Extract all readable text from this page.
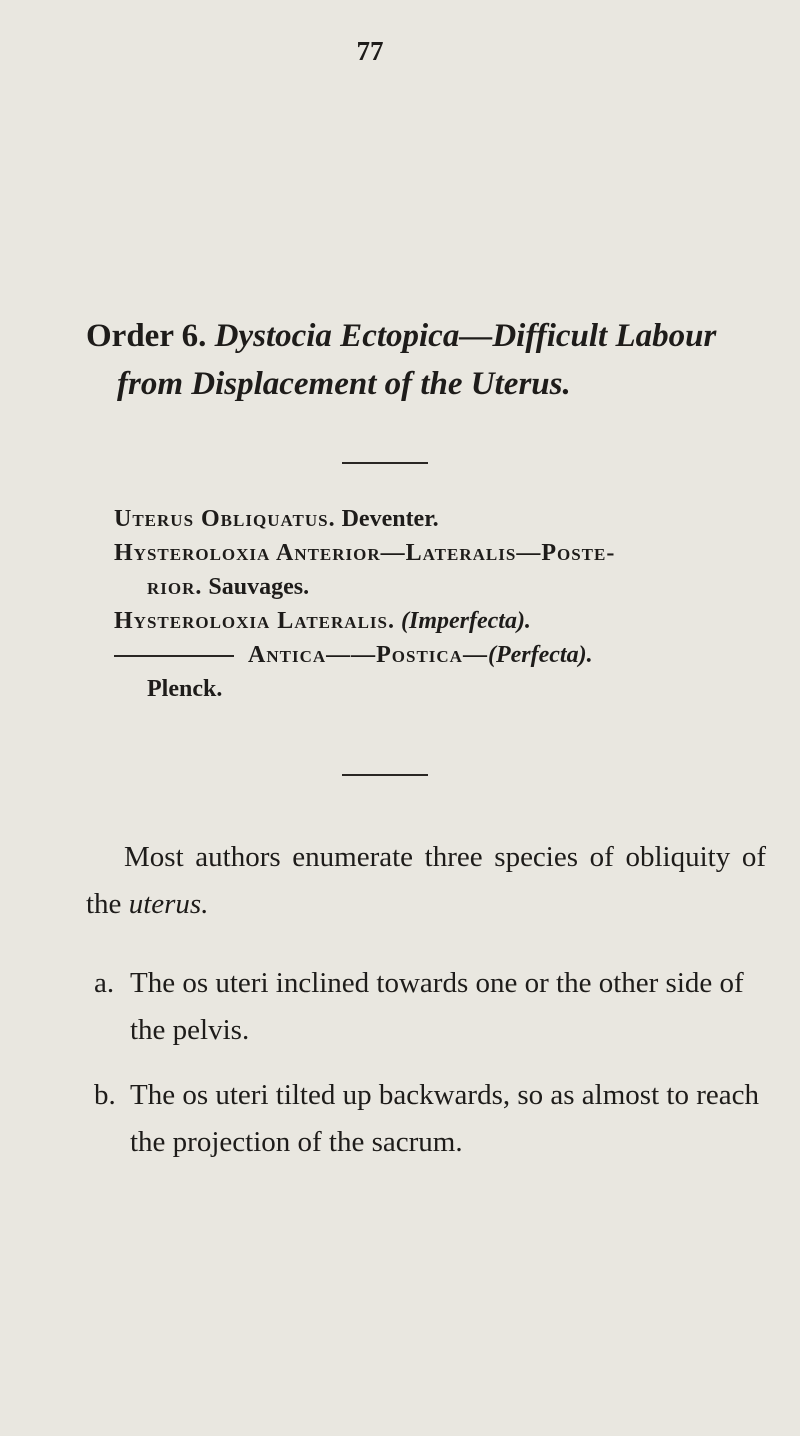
77
Order 6. Dystocia Ectopica—Difficult Labour
from Displacement of the Uterus.
Uterus Obliquatus. Deventer.
Hysteroloxia Anterior—Lateralis—Poste-
rior. Sauvages.
Hysteroloxia Lateralis. (Imperfecta).
Antica——Postica—(Perfecta).
Plenck.

Most authors enumerate three species of obliquity of the uterus.

a. The os uteri inclined towards one or the other side of the pelvis.
b. The os uteri tilted up backwards, so as almost to reach the projection of the sacrum.
